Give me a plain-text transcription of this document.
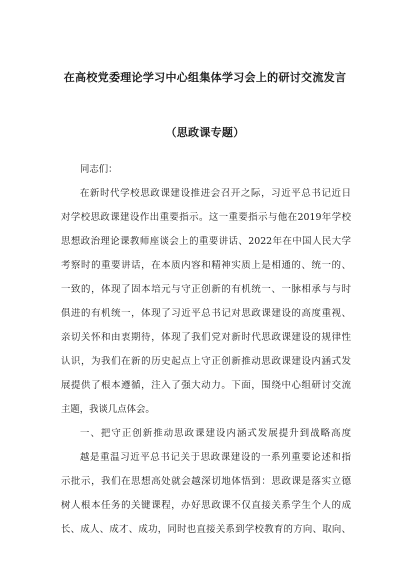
在高校党委理论学习中心组集体学习会上的研讨交流发言
（思政课专题）
同志们：
在新时代学校思政课建设推进会召开之际，习近平总书记近日
对学校思政课建设作出重要指示。这一重要指示与他在2019年学校
思想政治理论课教师座谈会上的重要讲话、2022年在中国人民大学
考察时的重要讲话，在本质内容和精神实质上是相通的、统一的、
一致的，体现了固本培元与守正创新的有机统一、一脉相承与与时
俱进的有机统一，体现了习近平总书记对思政课建设的高度重视、
亲切关怀和由衷期待，体现了我们党对新时代思政课建设的规律性
认识，为我们在新的历史起点上守正创新推动思政课建设内涵式发
展提供了根本遵循，注入了强大动力。下面，围绕中心组研讨交流
主题，我谈几点体会。
一、把守正创新推动思政课建设内涵式发展提升到战略高度
越是重温习近平总书记关于思政课建设的一系列重要论述和指
示批示，我们在思想高处就会越深切地体悟到：思政课是落实立德
树人根本任务的关键课程，办好思政课不仅直接关系学生个人的成
长、成人、成才、成功，同时也直接关系到学校教育的方向、取向、
